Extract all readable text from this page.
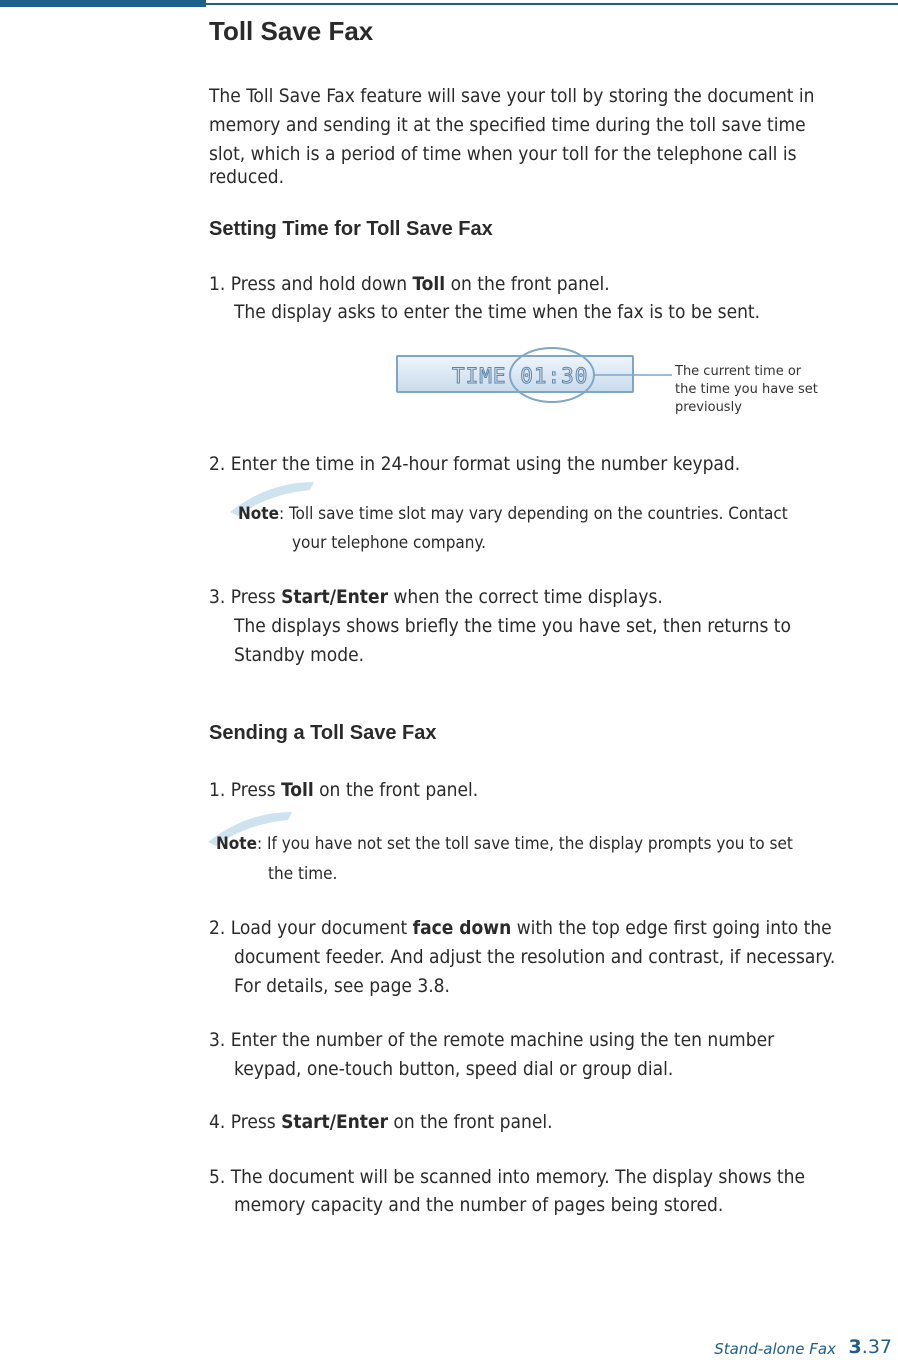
Toll Save Fax
The Toll Save Fax feature will save your toll by storing the document in
memory and sending it at the specified time during the toll save time
slot, which is a period of time when your toll for the telephone call is
reduced.
Setting Time for Toll Save Fax
1. Press and hold down Toll on the front panel.
The display asks to enter the time when the fax is to be sent.
TIME 01:30	The current time or
the time you have set
previously
2. Enter the time in 24-hour format using the number keypad.
Note: Toll save time slot may vary depending on the countries. Contact
your telephone company.
3. Press Start/Enter when the correct time displays.
The displays shows briefly the time you have set, then returns to
Standby mode.
Sending a Toll Save Fax
1. Press Toll on the front panel.
Note: If you have not set the toll save time, the display prompts you to set
the time.
2. Load your document face down with the top edge first going into the
document feeder. And adjust the resolution and contrast, if necessary.
For details, see page 3.8.
3. Enter the number of the remote machine using the ten number
keypad, one-touch button, speed dial or group dial.
4. Press Start/Enter on the front panel.
5. The document will be scanned into memory. The display shows the
memory capacity and the number of pages being stored.
Stand-alone Fax 3.37
